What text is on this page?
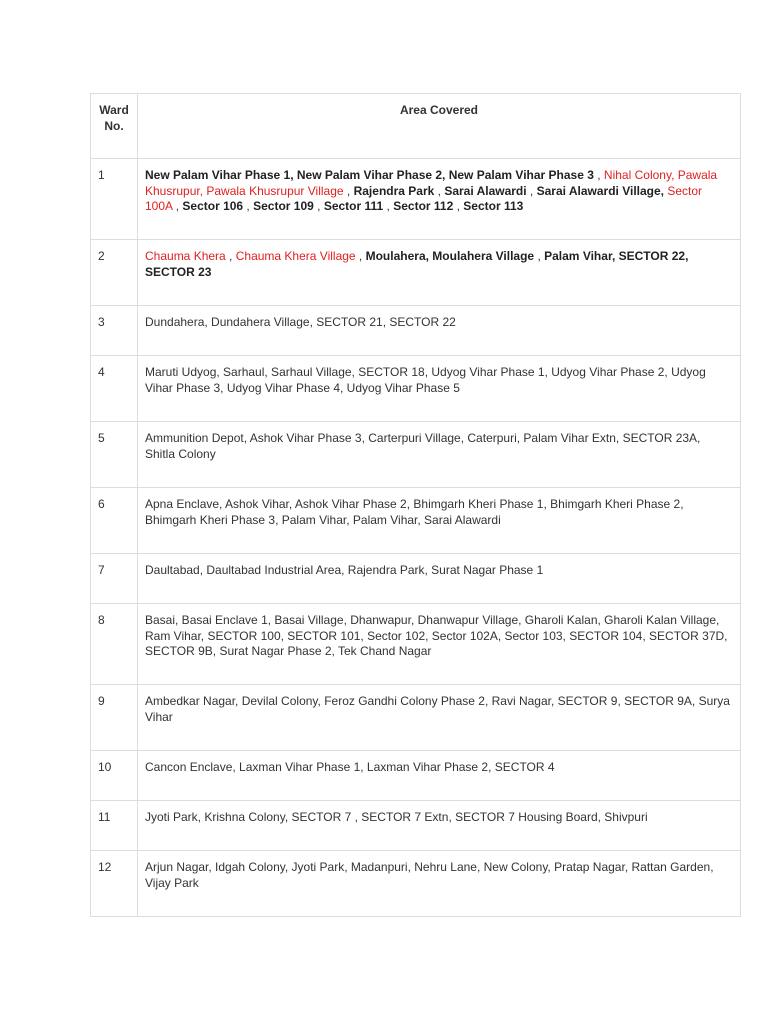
Ward No.	Area Covered
1	New Palam Vihar Phase 1, New Palam Vihar Phase 2, New Palam Vihar Phase 3 , Nihal Colony, Pawala Khusrupur, Pawala Khusrupur Village , Rajendra Park , Sarai Alawardi , Sarai Alawardi Village, Sector 100A , Sector 106 , Sector 109 , Sector 111 , Sector 112 , Sector 113
2	Chauma Khera , Chauma Khera Village , Moulahera, Moulahera Village , Palam Vihar, SECTOR 22, SECTOR 23
3	Dundahera, Dundahera Village, SECTOR 21, SECTOR 22
4	Maruti Udyog, Sarhaul, Sarhaul Village, SECTOR 18, Udyog Vihar Phase 1, Udyog Vihar Phase 2, Udyog Vihar Phase 3, Udyog Vihar Phase 4, Udyog Vihar Phase 5
5	Ammunition Depot, Ashok Vihar Phase 3, Carterpuri Village, Caterpuri, Palam Vihar Extn, SECTOR 23A, Shitla Colony
6	Apna Enclave, Ashok Vihar, Ashok Vihar Phase 2, Bhimgarh Kheri Phase 1, Bhimgarh Kheri Phase 2, Bhimgarh Kheri Phase 3, Palam Vihar, Palam Vihar, Sarai Alawardi
7	Daultabad, Daultabad Industrial Area, Rajendra Park, Surat Nagar Phase 1
8	Basai, Basai Enclave 1, Basai Village, Dhanwapur, Dhanwapur Village, Gharoli Kalan, Gharoli Kalan Village, Ram Vihar, SECTOR 100, SECTOR 101, Sector 102, Sector 102A, Sector 103, SECTOR 104, SECTOR 37D, SECTOR 9B, Surat Nagar Phase 2, Tek Chand Nagar
9	Ambedkar Nagar, Devilal Colony, Feroz Gandhi Colony Phase 2, Ravi Nagar, SECTOR 9, SECTOR 9A, Surya Vihar
10	Cancon Enclave, Laxman Vihar Phase 1, Laxman Vihar Phase 2, SECTOR 4
11	Jyoti Park, Krishna Colony, SECTOR 7 , SECTOR 7 Extn, SECTOR 7 Housing Board, Shivpuri
12	Arjun Nagar, Idgah Colony, Jyoti Park, Madanpuri, Nehru Lane, New Colony, Pratap Nagar, Rattan Garden, Vijay Park
